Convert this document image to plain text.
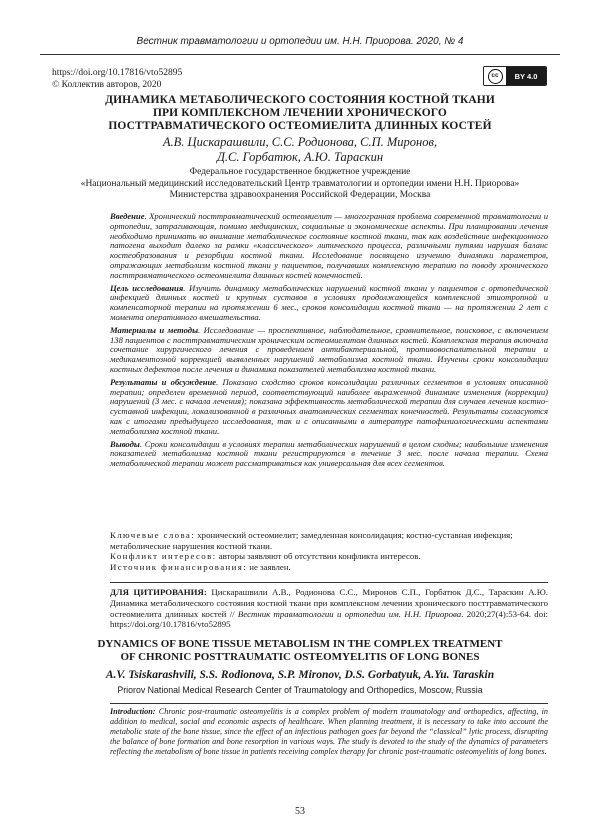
Вестник травматологии и ортопедии им. Н.Н. Приорова. 2020, № 4
https://doi.org/10.17816/vto52895
© Коллектив авторов, 2020
cc	BY 4.0
ДИНАМИКА МЕТАБОЛИЧЕСКОГО СОСТОЯНИЯ КОСТНОЙ ТКАНИ
ПРИ КОМПЛЕКСНОМ ЛЕЧЕНИИ ХРОНИЧЕСКОГО
ПОСТТРАВМАТИЧЕСКОГО ОСТЕОМИЕЛИТА ДЛИННЫХ КОСТЕЙ
А.В. Цискарашвили, С.С. Родионова, С.П. Миронов,
Д.С. Горбатюк, А.Ю. Тараскин
Федеральное государственное бюджетное учреждение
«Национальный медицинский исследовательский Центр травматологии и ортопедии имени Н.Н. Приорова»
Министерства здравоохранения Российской Федерации, Москва

Введение. Хронический посттравматический остеомиелит — многогранная проблема современной травматологии и ортопедии, затрагивающая, помимо медицинских, социальные и экономические аспекты. При планировании лечения необходимо принимать во внимание метаболическое состояние костной ткани, так как воздействие инфекционного патогена выходит далеко за рамки «классического» литического процесса, различными путями нарушая баланс костеобразования и резорбции костной ткани. Исследование посвящено изучению динамики параметров, отражающих метаболизм костной ткани у пациентов, получавших комплексную терапию по поводу хронического посттравматического остеомиелита длинных костей конечностей.

Цель исследования. Изучить динамику метаболических нарушений костной ткани у пациентов с ортопедической инфекцией длинных костей и крупных суставов в условиях продолжающейся комплексной этиотропной и компенсаторной терапии на протяжении 6 мес., сроков консолидации костной ткани — на протяжении 2 лет с момента оперативного вмешательства.

Материалы и методы. Исследование — проспективное, наблюдательное, сравнительное, поисковое, с включением 138 пациентов с посттравматическим хроническим остеомиелитом длинных костей. Комплексная терапия включала сочетание хирургического лечения с проведением антибактериальной, противовоспалительной терапии и медикаментозной коррекцией выявленных нарушений метаболизма костной ткани. Изучены сроки консолидации костных дефектов после лечения и динамика показателей метаболизма костной ткани.

Результаты и обсуждение. Показано сходство сроков консолидации различных сегментов в условиях описанной терапии; определен временной период, соответствующий наиболее выраженной динамике изменения (коррекции) нарушений (3 мес. с начала лечения); показана эффективность метаболической терапии для случаев лечения костно-суставной инфекции, локализованной в различных анатомических сегментах конечностей. Результаты согласуются как с итогами предыдущего исследования, так и с описанными в литературе патофизиологическими аспектами метаболизма костной ткани.

Выводы. Сроки консолидации в условиях терапии метаболических нарушений в целом сходны; наибольшие изменения показателей метаболизма костной ткани регистрируются в течение 3 мес. после начала терапии. Схема метаболической терапии может рассматриваться как универсальная для всех сегментов.

Ключевые слова: хронический остеомиелит; замедленная консолидация; костно-суставная инфекция; метаболические нарушения костной ткани.

Конфликт интересов: авторы заявляют об отсутствии конфликта интересов.

Источник финансирования: не заявлен.

ДЛЯ ЦИТИРОВАНИЯ: Цискарашвили А.В., Родионова С.С., Миронов С.П., Горбатюк Д.С., Тараскин А.Ю. Динамика метаболического состояния костной ткани при комплексном лечении хронического посттравматического остеомиелита длинных костей // Вестник травматологии и ортопедии им. Н.Н. Приорова. 2020;27(4):53-64. doi: https://doi.org/10.17816/vto52895
DYNAMICS OF BONE TISSUE METABOLISM IN THE COMPLEX TREATMENT
OF CHRONIC POSTTRAUMATIC OSTEOMYELITIS OF LONG BONES
A.V. Tsiskarashvili, S.S. Rodionova, S.P. Mironov, D.S. Gorbatyuk, A.Yu. Taraskin
Priorov National Medical Research Center of Traumatology and Orthopedics, Moscow, Russia
Introduction: Chronic post-traumatic osteomyelitis is a complex problem of modern traumatology and orthopedics, affecting, in addition to medical, social and economic aspects of healthcare. When planning treatment, it is necessary to take into account the metabolic state of the bone tissue, since the effect of an infectious pathogen goes far beyond the “classical” lytic process, disrupting the balance of bone formation and bone resorption in various ways. The study is devoted to the study of the dynamics of parameters reflecting the metabolism of bone tissue in patients receiving complex therapy for chronic post-traumatic osteomyelitis of long bones.
53
